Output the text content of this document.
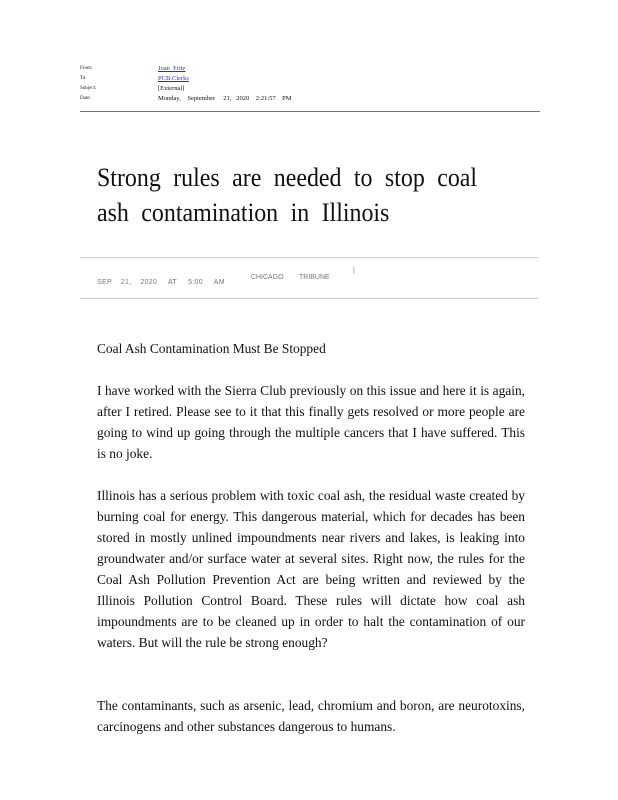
From:	Joan  Fritz
To:	PCB.Clerks
Subject:	[External]
Date:	Monday,    September     21,   2020    2:21:57    PM
Strong rules are needed to stop coal ash contamination in Illinois

CHICAGO        TRIBUNE

|

SEP    21,    2020     AT     5:00     AM
Coal Ash Contamination Must Be Stopped
I have worked with the Sierra Club previously on this issue and here it is again, after I retired. Please see to it that this finally gets resolved or more people are going to wind up going through the multiple cancers that I have suffered. This is no joke.
Illinois has a serious problem with toxic coal ash, the residual waste created by burning coal for energy. This dangerous material, which for decades has been stored in mostly unlined impoundments near rivers and lakes, is leaking into groundwater and/or surface water at several sites. Right now, the rules for the Coal Ash Pollution Prevention Act are being written and reviewed by the Illinois Pollution Control Board. These rules will dictate how coal ash impoundments are to be cleaned up in order to halt the contamination of our waters. But will the rule be strong enough?
The contaminants, such as arsenic, lead, chromium and boron, are neurotoxins, carcinogens and other substances dangerous to humans.
